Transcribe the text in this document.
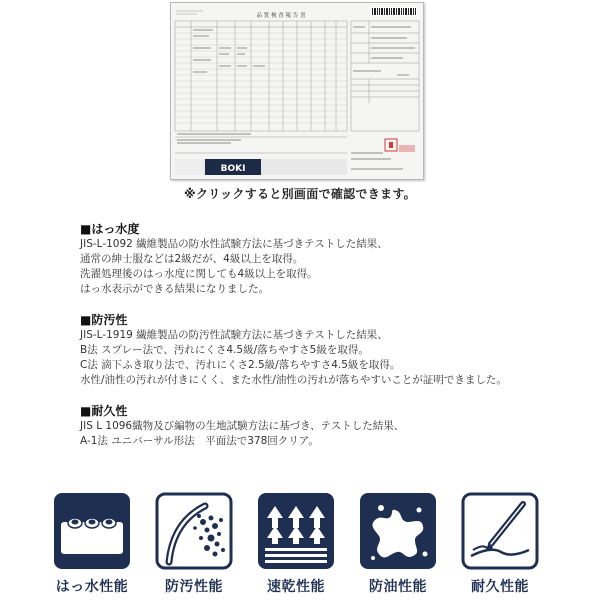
品 質 検 査 報 告 書
BOKI
※クリックすると別画面で確認できます。
■はっ水度
JIS-L-1092 繊維製品の防水性試験方法に基づきテストした結果、
通常の紳士服などは2級だが、4級以上を取得。
洗濯処理後のはっ水度に関しても4級以上を取得。
はっ水表示ができる結果になりました。
■防汚性
JIS-L-1919 繊維製品の防汚性試験方法に基づきテストした結果、
B法 スプレー法で、汚れにくさ4.5級/落ちやすさ5級を取得。
C法 滴下ふき取り法で、汚れにくさ2.5級/落ちやすさ4.5級を取得。
水性/油性の汚れが付きにくく、また水性/油性の汚れが落ちやすいことが証明できました。
■耐久性
JIS L 1096織物及び編物の生地試験方法に基づき、テストした結果、
A-1法 ユニバーサル形法　平面法で378回クリア。
はっ水性能	防汚性能	速乾性能	防油性能	耐久性能
